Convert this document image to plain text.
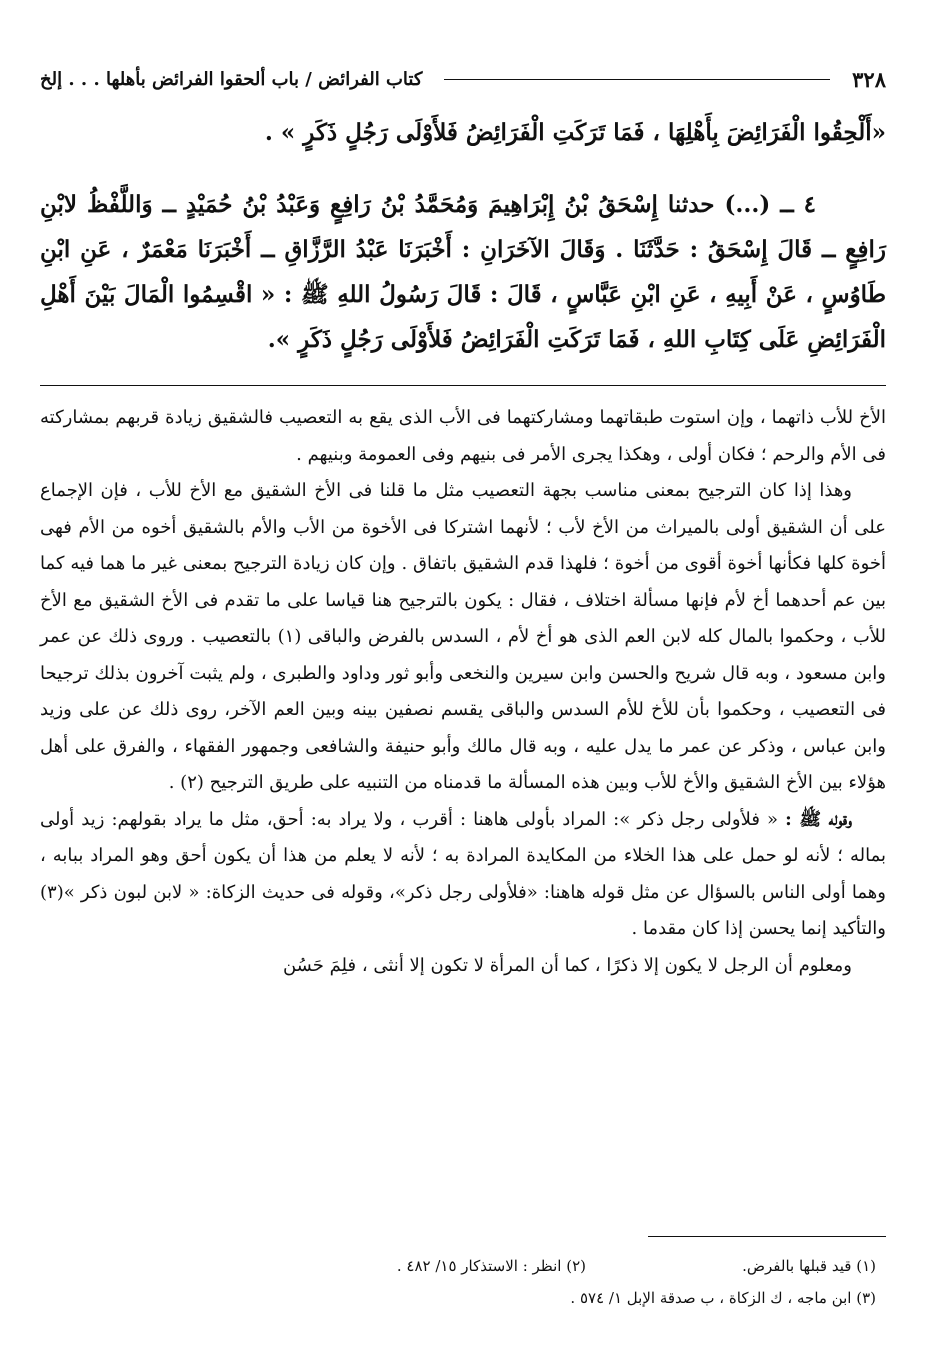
٣٢٨
كتاب الفرائض / باب ألحقوا الفرائض بأهلها . . . إلخ

«أَلْحِقُوا الْفَرَائِضَ بِأَهْلِهَا ، فَمَا تَرَكَتِ الْفَرَائِضُ فَلأَوْلَى رَجُلٍ ذَكَرٍ » .

٤ ــ (...) حدثنا إِسْحَقُ بْنُ إِبْرَاهِيمَ وَمُحَمَّدُ بْنُ رَافِعٍ وَعَبْدُ بْنُ حُمَيْدٍ ــ وَاللَّفْظُ لابْنِ رَافِعٍ ــ قَالَ إِسْحَقُ : حَدَّثَنَا . وَقَالَ الآخَرَانِ : أَخْبَرَنَا عَبْدُ الرَّزَّاقِ ــ أَخْبَرَنَا مَعْمَرٌ ، عَنِ ابْنِ طَاوُسٍ ، عَنْ أَبِيهِ ، عَنِ ابْنِ عَبَّاسٍ ، قَالَ : قَالَ رَسُولُ اللهِ ﷺ : « اقْسِمُوا الْمَالَ بَيْنَ أَهْلِ الْفَرَائِضِ عَلَى كِتَابِ اللهِ ، فَمَا تَرَكَتِ الْفَرَائِضُ فَلأَوْلَى رَجُلٍ ذَكَرٍ ».

الأخ للأب ذاتهما ، وإن استوت طبقاتهما ومشاركتهما فى الأب الذى يقع به التعصيب فالشقيق زيادة قربهم بمشاركته فى الأم والرحم ؛ فكان أولى ، وهكذا يجرى الأمر فى بنيهم وفى العمومة وبنيهم .

وهذا إذا كان الترجيح بمعنى مناسب بجهة التعصيب مثل ما قلنا فى الأخ الشقيق مع الأخ للأب ، فإن الإجماع على أن الشقيق أولى بالميراث من الأخ لأب ؛ لأنهما اشتركا فى الأخوة من الأب والأم بالشقيق أخوه من الأم فهى أخوة كلها فكأنها أخوة أقوى من أخوة ؛ فلهذا قدم الشقيق باتفاق . وإن كان زيادة الترجيح بمعنى غير ما هما فيه كما بين عم أحدهما أخ لأم فإنها مسألة اختلاف ، فقال : يكون بالترجيح هنا قياسا على ما تقدم فى الأخ الشقيق مع الأخ للأب ، وحكموا بالمال كله لابن العم الذى هو أخ لأم ، السدس بالفرض والباقى (١) بالتعصيب . وروى ذلك عن عمر وابن مسعود ، وبه قال شريح والحسن وابن سيرين والنخعى وأبو ثور وداود والطبرى ، ولم يثبت آخرون بذلك ترجيحا فى التعصيب ، وحكموا بأن للأخ للأم السدس والباقى يقسم نصفين بينه وبين العم الآخر، روى ذلك عن على وزيد وابن عباس ، وذكر عن عمر ما يدل عليه ، وبه قال مالك وأبو حنيفة والشافعى وجمهور الفقهاء ، والفرق على أهل هؤلاء بين الأخ الشقيق والأخ للأب وبين هذه المسألة ما قدمناه من التنبيه على طريق الترجيح (٢) .

وقوله ﷺ : « فلأولى رجل ذكر »: المراد بأولى هاهنا : أقرب ، ولا يراد به: أحق، مثل ما يراد بقولهم: زيد أولى بماله ؛ لأنه لو حمل على هذا الخلاء من المكايدة المرادة به ؛ لأنه لا يعلم من هذا أن يكون أحق وهو المراد ببابه ، وهما أولى الناس بالسؤال عن مثل قوله هاهنا: «فلأولى رجل ذكر»، وقوله فى حديث الزكاة: « لابن لبون ذكر »(٣) والتأكيد إنما يحسن إذا كان مقدما .

ومعلوم أن الرجل لا يكون إلا ذكرًا ، كما أن المرأة لا تكون إلا أنثى ، فلِمَ حَسُن

(١) قيد قبلها بالفرض.
(٢) انظر : الاستذكار ١٥/ ٤٨٢ .
(٣) ابن ماجه ، ك الزكاة ، ب صدقة الإبل ١/ ٥٧٤ .
